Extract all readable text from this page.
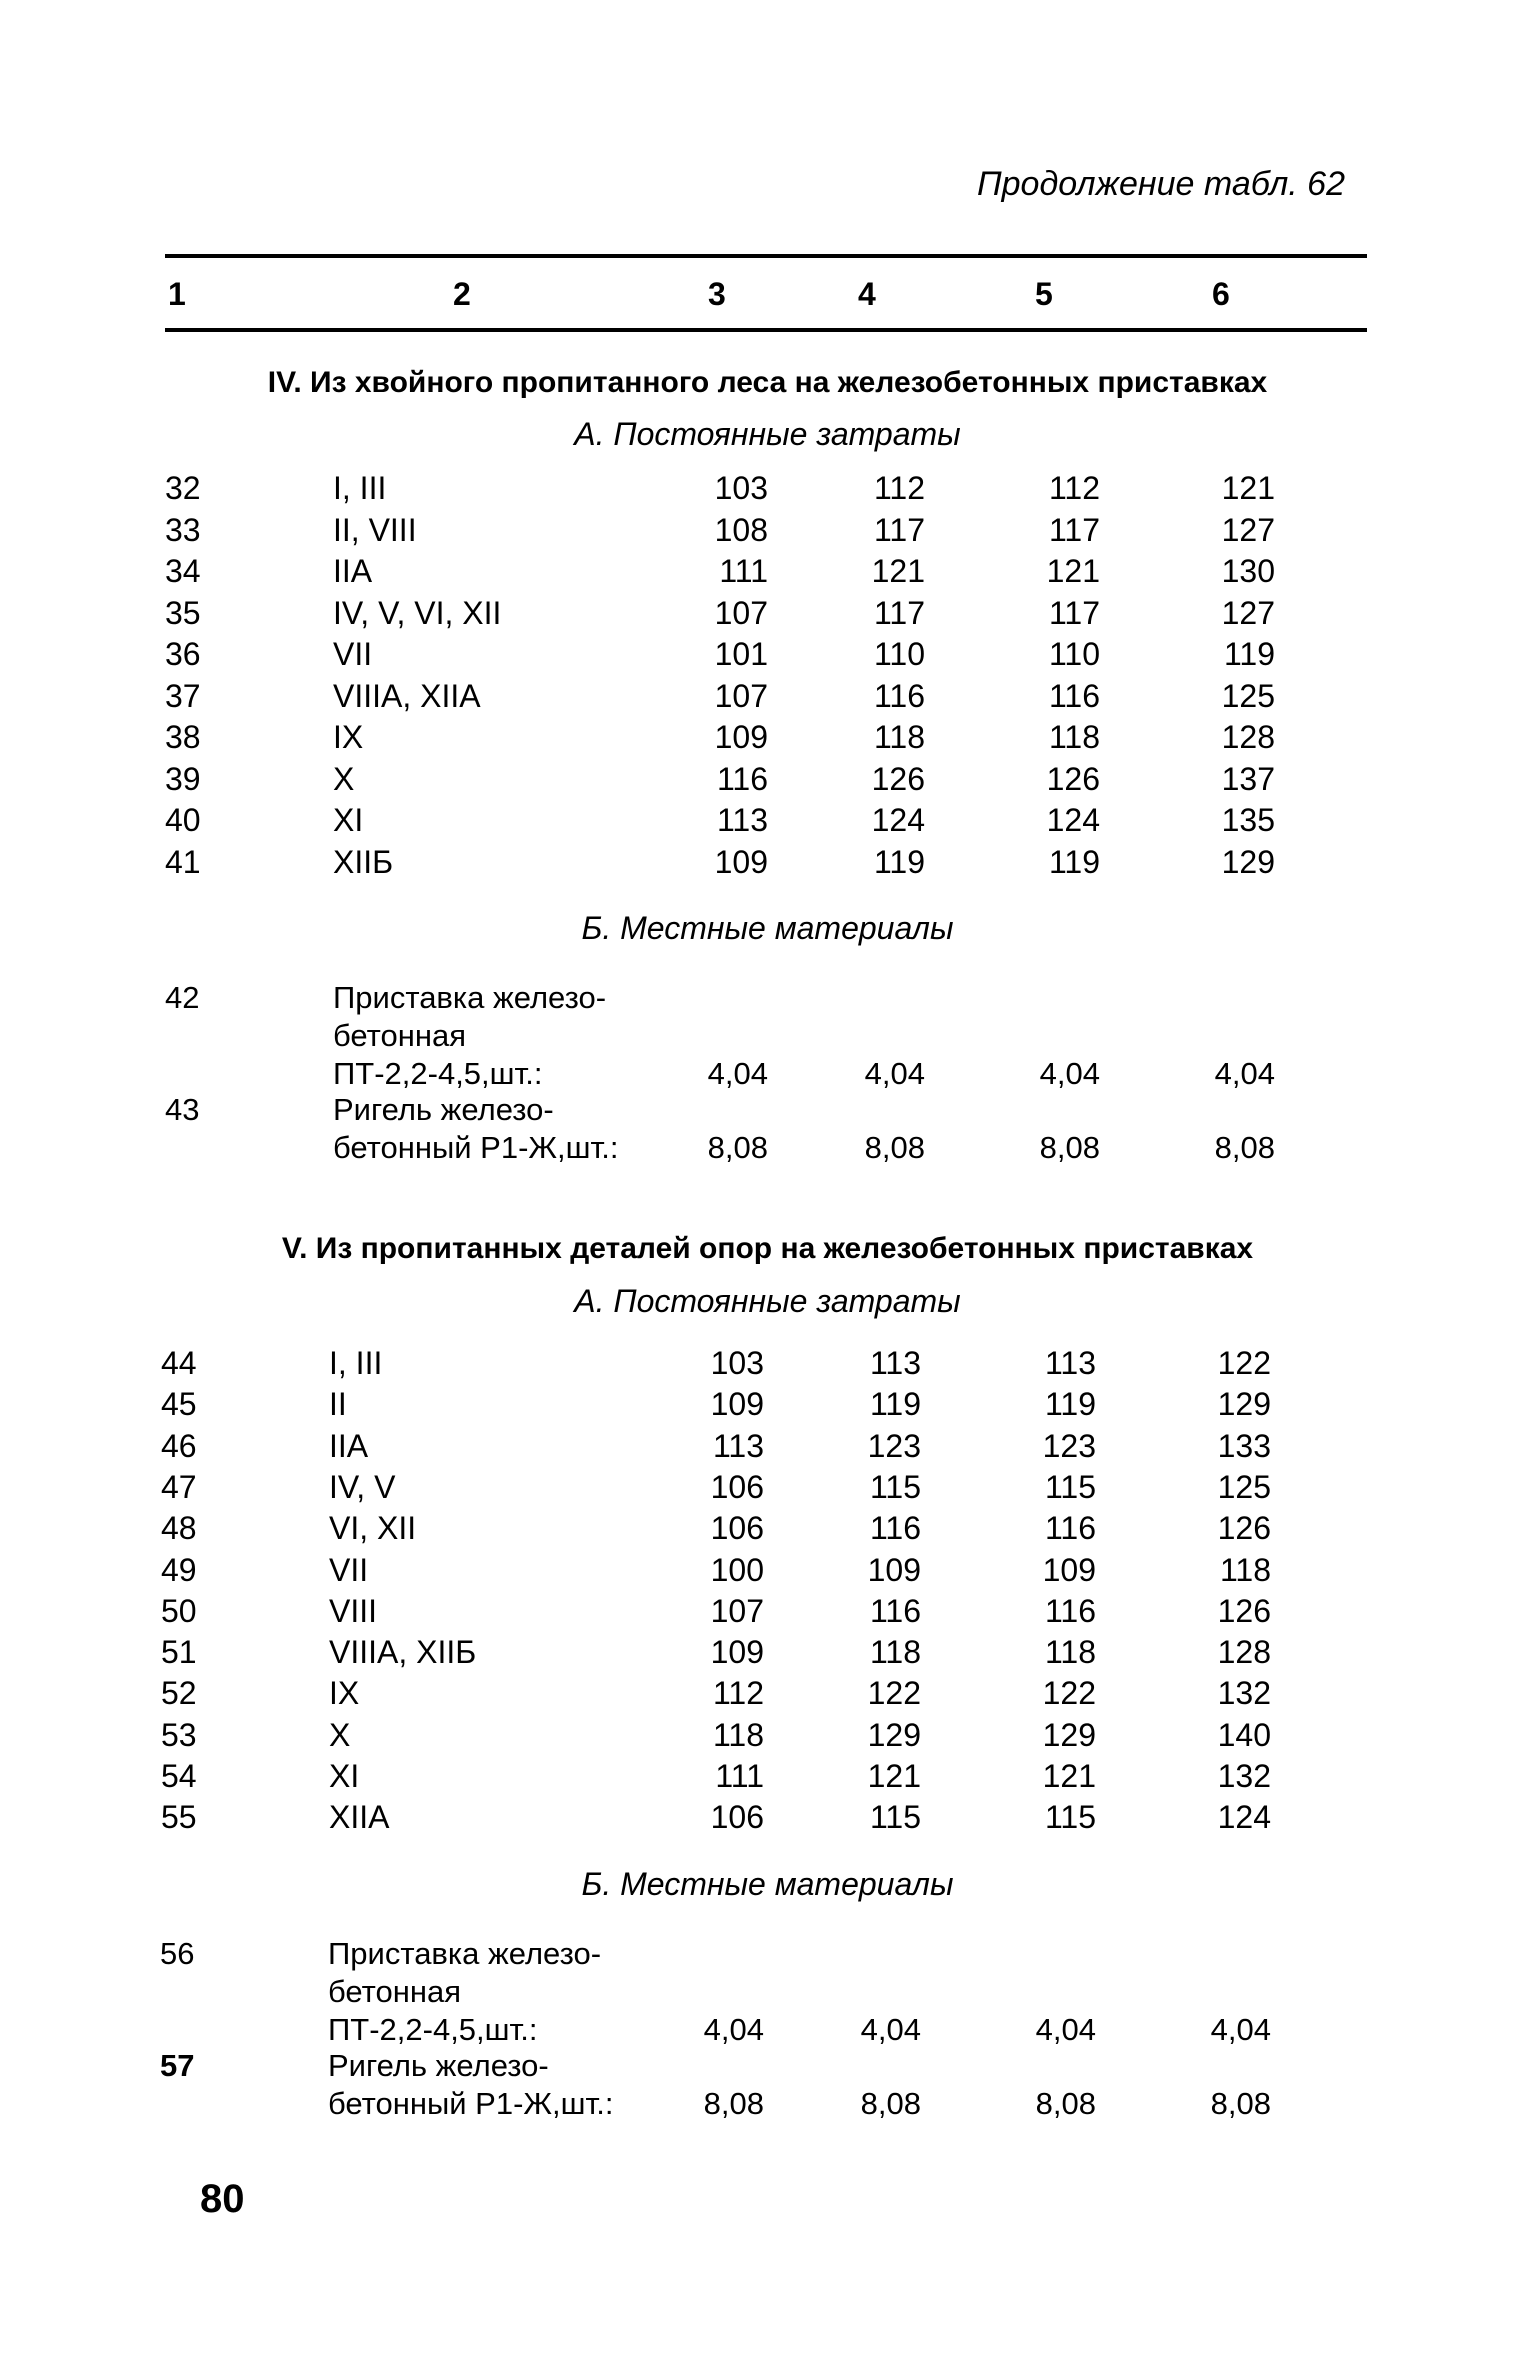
Продолжение табл. 62
1	2	3	4	5	6
IV. Из хвойного пропитанного леса на железобетонных приставках
А. Постоянные затраты
32	I, III	103	112	112	121
33	II, VIII	108	117	117	127
34	IIA	111	121	121	130
35	IV, V, VI, XII	107	117	117	127
36	VII	101	110	110	119
37	VIIIA, XIIA	107	116	116	125
38	IX	109	118	118	128
39	X	116	126	126	137
40	XI	113	124	124	135
41	XIIБ	109	119	119	129
Б. Местные материалы
42	Приставка железо-
бетонная
ПТ-2,2-4,5,шт.:	4,04	4,04	4,04	4,04
43	Ригель железо-
бетонный Р1-Ж,шт.:	8,08	8,08	8,08	8,08
V. Из пропитанных деталей опор на железобетонных приставках
А. Постоянные затраты
44	I, III	103	113	113	122
45	II	109	119	119	129
46	IIA	113	123	123	133
47	IV, V	106	115	115	125
48	VI, XII	106	116	116	126
49	VII	100	109	109	118
50	VIII	107	116	116	126
51	VIIIA, XIIБ	109	118	118	128
52	IX	112	122	122	132
53	X	118	129	129	140
54	XI	111	121	121	132
55	XIIA	106	115	115	124
Б. Местные материалы
56	Приставка железо-
бетонная
ПТ-2,2-4,5,шт.:	4,04	4,04	4,04	4,04
57	Ригель железо-
бетонный Р1-Ж,шт.:	8,08	8,08	8,08	8,08
80
